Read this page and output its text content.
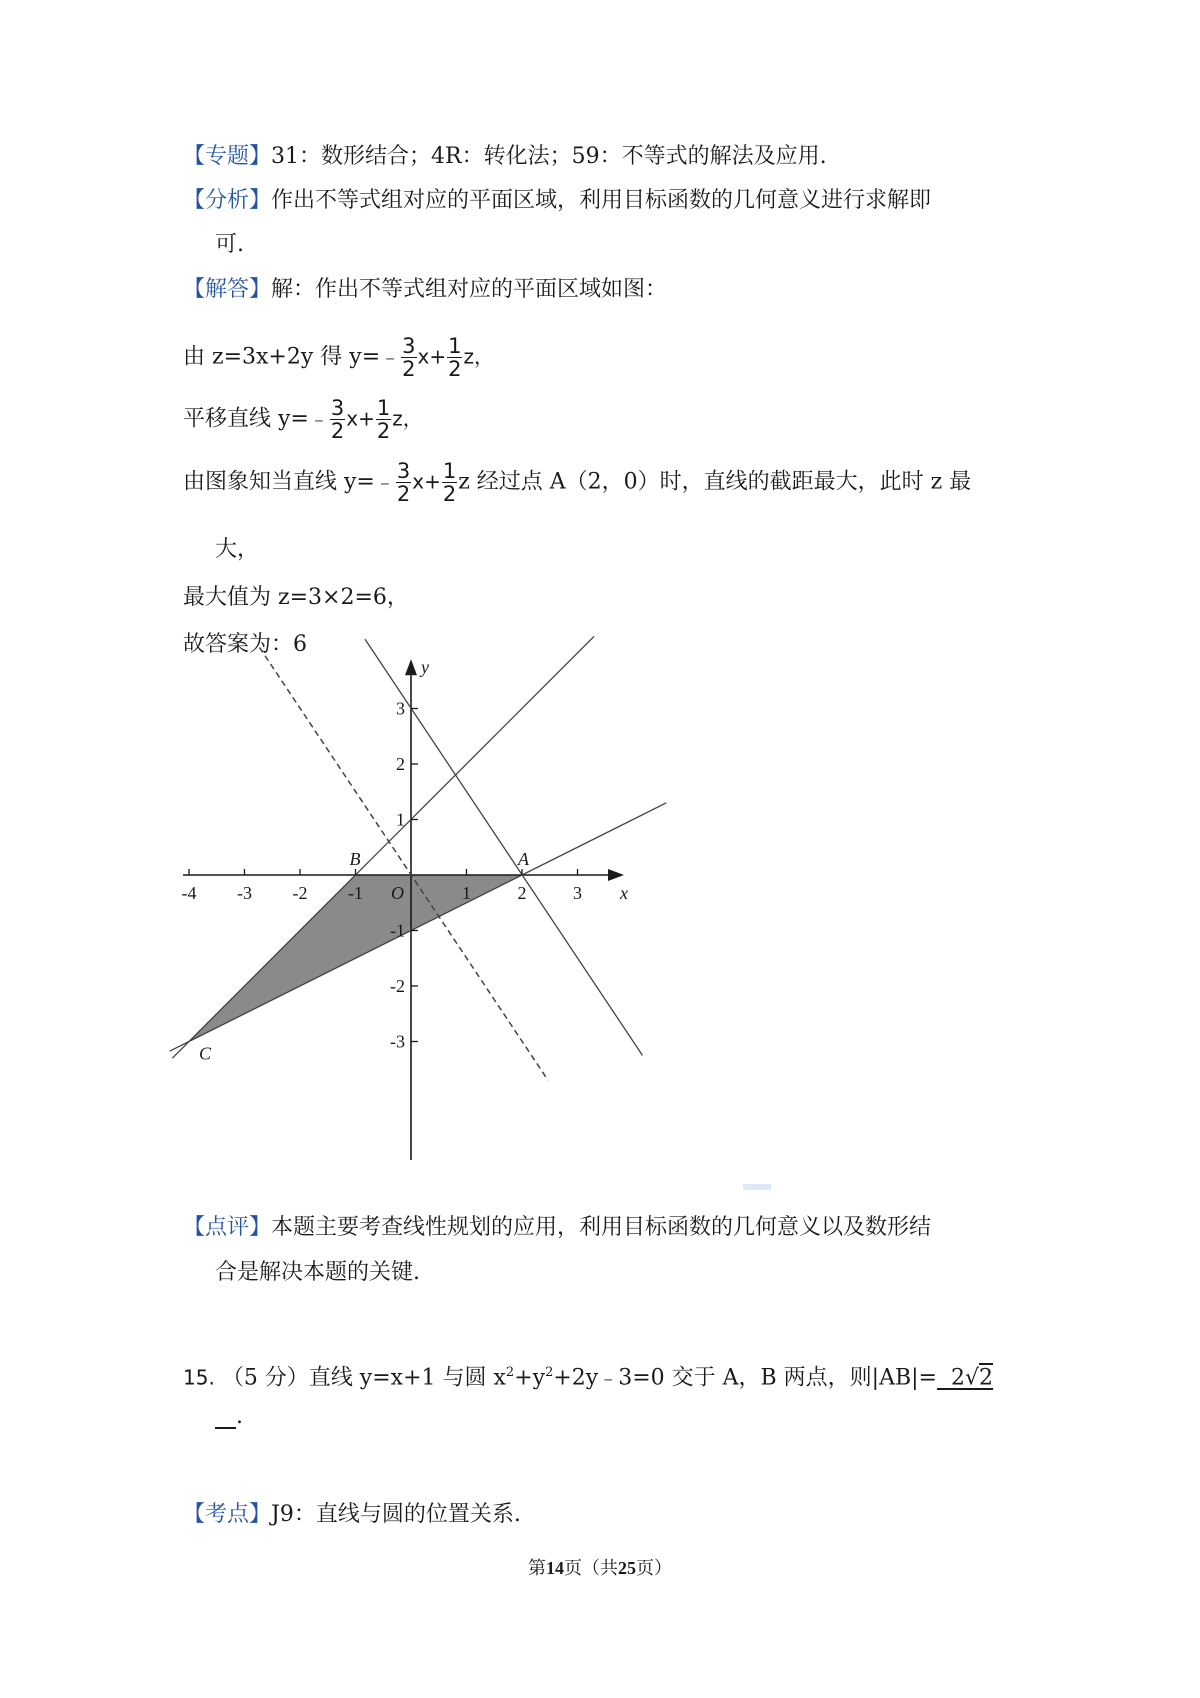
【专题】31：数形结合；4R：转化法；59：不等式的解法及应用.
【分析】作出不等式组对应的平面区域，利用目标函数的几何意义进行求解即
可.
【解答】解：作出不等式组对应的平面区域如图：
由 z=3x+2y 得 y=﹣ $\frac{3}{2} x+ \frac{1}{2}$ z，
平移直线 y=﹣ $\frac{3}{2} x+ \frac{1}{2}$ z，
由图象知当直线 y=﹣ $\frac{3}{2} x+ \frac{1}{2}$ z 经过点 A（2，0）时，直线的截距最大，此时 z 最
大，
最大值为 z=3×2=6，
故答案为：6
-4 -3 -2 -1	1	2	3
3
2
1
-1
-2
-3
x
y
O
B	A
C
【点评】本题主要考查线性规划的应用，利用目标函数的几何意义以及数形结
合是解决本题的关键.
15. （5 分）直线 y=x+1 与圆 $x^2+y^2+2y﹣3=0$ 交于 A，B 两点，则|AB|= 2√2
.
【考点】J9：直线与圆的位置关系.
第14页（共25页）
